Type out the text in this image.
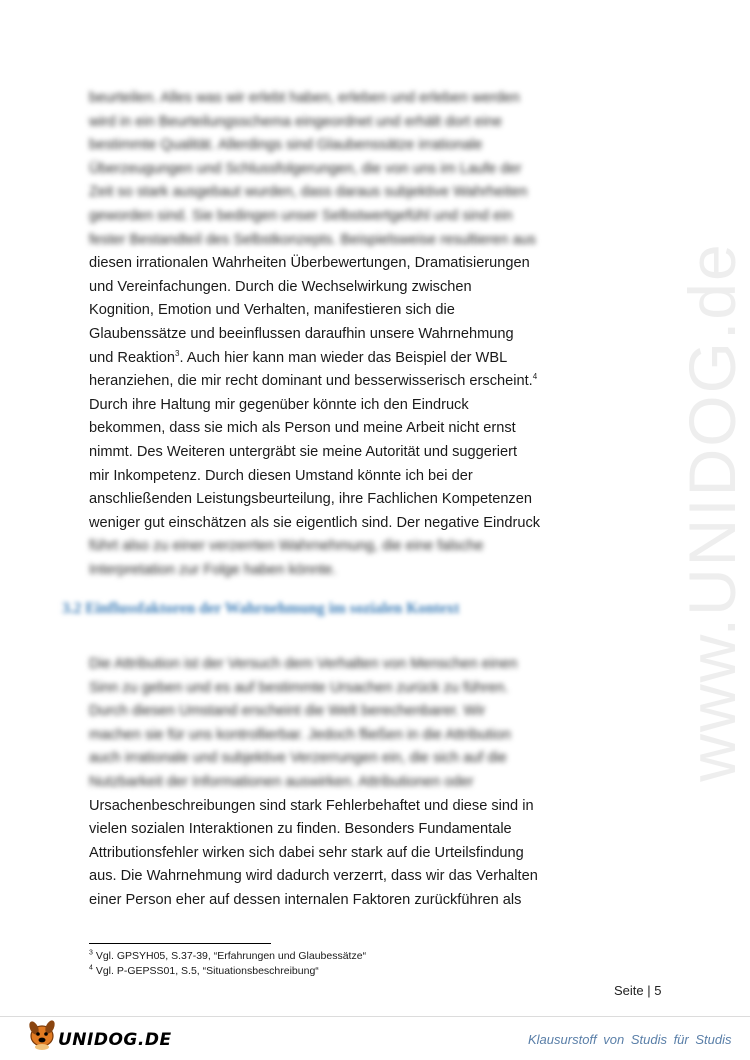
www.UNIDOG.de
beurteilen. Alles was wir erlebt haben, erleben und erleben werden
wird in ein Beurteilungsschema eingeordnet und erhält dort eine
bestimmte Qualität. Allerdings sind Glaubenssätze irrationale
Überzeugungen und Schlussfolgerungen, die von uns im Laufe der
Zeit so stark ausgebaut wurden, dass daraus subjektive Wahrheiten
geworden sind. Sie bedingen unser Selbstwertgefühl und sind ein
fester Bestandteil des Selbstkonzepts. Beispielsweise resultieren aus
diesen irrationalen Wahrheiten Überbewertungen, Dramatisierungen
und Vereinfachungen. Durch die Wechselwirkung zwischen
Kognition, Emotion und Verhalten, manifestieren sich die
Glaubenssätze und beeinflussen daraufhin unsere Wahrnehmung
und Reaktion$^3$. Auch hier kann man wieder das Beispiel der WBL
heranziehen, die mir recht dominant und besserwisserisch erscheint.$^4$
Durch ihre Haltung mir gegenüber könnte ich den Eindruck
bekommen, dass sie mich als Person und meine Arbeit nicht ernst
nimmt. Des Weiteren untergräbt sie meine Autorität und suggeriert
mir Inkompetenz. Durch diesen Umstand könnte ich bei der
anschließenden Leistungsbeurteilung, ihre Fachlichen Kompetenzen
weniger gut einschätzen als sie eigentlich sind. Der negative Eindruck
führt also zu einer verzerrten Wahrnehmung, die eine falsche
Interpretation zur Folge haben könnte.
3.2 Einflussfaktoren der Wahrnehmung im sozialen Kontext
Die Attribution ist der Versuch dem Verhalten von Menschen einen
Sinn zu geben und es auf bestimmte Ursachen zurück zu führen.
Durch diesen Umstand erscheint die Welt berechenbarer. Wir
machen sie für uns kontrollierbar. Jedoch fließen in die Attribution
auch irrationale und subjektive Verzerrungen ein, die sich auf die
Nutzbarkeit der Informationen auswirken. Attributionen oder
Ursachenbeschreibungen sind stark Fehlerbehaftet und diese sind in
vielen sozialen Interaktionen zu finden. Besonders Fundamentale
Attributionsfehler wirken sich dabei sehr stark auf die Urteilsfindung
aus. Die Wahrnehmung wird dadurch verzerrt, dass wir das Verhalten
einer Person eher auf dessen internalen Faktoren zurückführen als
$^3$ Vgl. GPSYH05, S.37-39, “Erfahrungen und Glaubessätze“
$^4$ Vgl. P-GEPSS01, S.5, “Situationsbeschreibung“
Seite | 5
UNIDOG.DE	Klausurstoff von Studis für Studis
